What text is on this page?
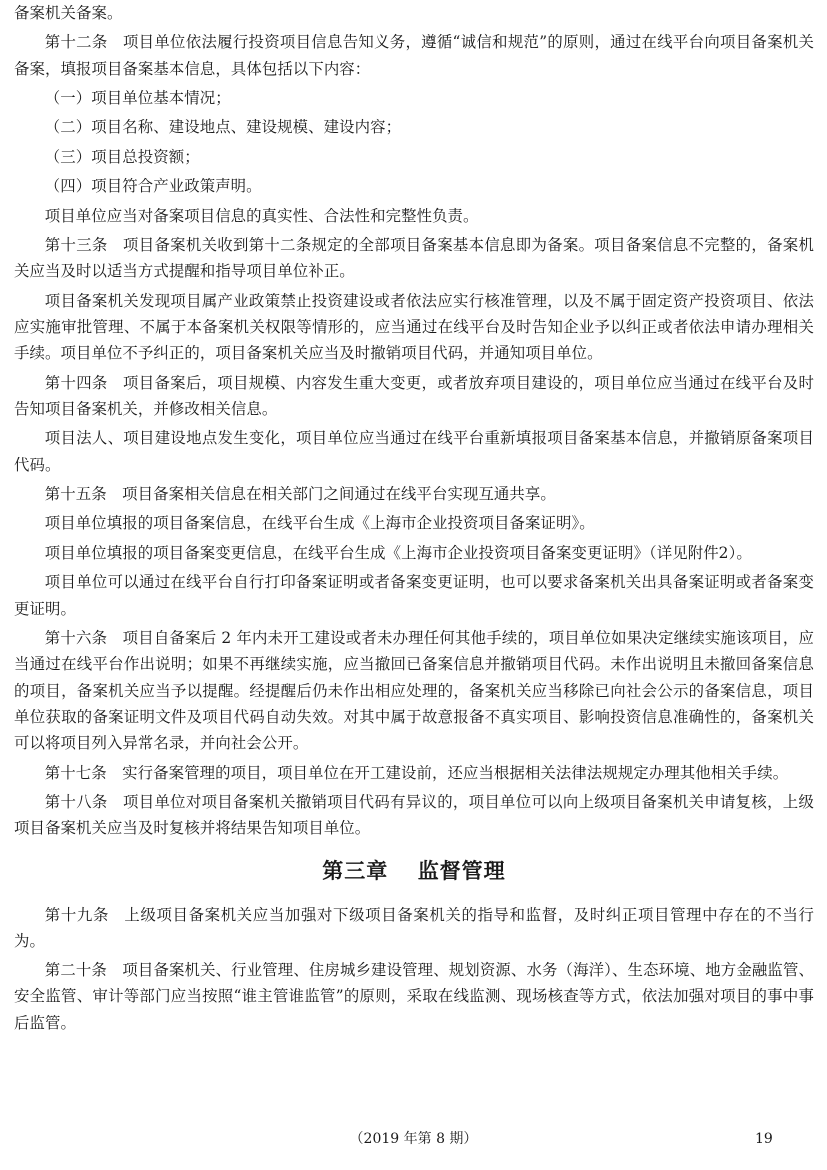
备案机关备案。

第十二条 项目单位依法履行投资项目信息告知义务，遵循“诚信和规范”的原则，通过在线平台向项目备案机关备案，填报项目备案基本信息，具体包括以下内容：

（一）项目单位基本情况；

（二）项目名称、建设地点、建设规模、建设内容；

（三）项目总投资额；

（四）项目符合产业政策声明。

项目单位应当对备案项目信息的真实性、合法性和完整性负责。

第十三条 项目备案机关收到第十二条规定的全部项目备案基本信息即为备案。项目备案信息不完整的，备案机关应当及时以适当方式提醒和指导项目单位补正。

项目备案机关发现项目属产业政策禁止投资建设或者依法应实行核准管理，以及不属于固定资产投资项目、依法应实施审批管理、不属于本备案机关权限等情形的，应当通过在线平台及时告知企业予以纠正或者依法申请办理相关手续。项目单位不予纠正的，项目备案机关应当及时撤销项目代码，并通知项目单位。

第十四条 项目备案后，项目规模、内容发生重大变更，或者放弃项目建设的，项目单位应当通过在线平台及时告知项目备案机关，并修改相关信息。

项目法人、项目建设地点发生变化，项目单位应当通过在线平台重新填报项目备案基本信息，并撤销原备案项目代码。

第十五条 项目备案相关信息在相关部门之间通过在线平台实现互通共享。

项目单位填报的项目备案信息，在线平台生成《上海市企业投资项目备案证明》。

项目单位填报的项目备案变更信息，在线平台生成《上海市企业投资项目备案变更证明》（详见附件2）。

项目单位可以通过在线平台自行打印备案证明或者备案变更证明，也可以要求备案机关出具备案证明或者备案变更证明。

第十六条 项目自备案后 2 年内未开工建设或者未办理任何其他手续的，项目单位如果决定继续实施该项目，应当通过在线平台作出说明；如果不再继续实施，应当撤回已备案信息并撤销项目代码。未作出说明且未撤回备案信息的项目，备案机关应当予以提醒。经提醒后仍未作出相应处理的，备案机关应当移除已向社会公示的备案信息，项目单位获取的备案证明文件及项目代码自动失效。对其中属于故意报备不真实项目、影响投资信息准确性的，备案机关可以将项目列入异常名录，并向社会公开。

第十七条 实行备案管理的项目，项目单位在开工建设前，还应当根据相关法律法规规定办理其他相关手续。

第十八条 项目单位对项目备案机关撤销项目代码有异议的，项目单位可以向上级项目备案机关申请复核，上级项目备案机关应当及时复核并将结果告知项目单位。

第三章 监督管理

第十九条 上级项目备案机关应当加强对下级项目备案机关的指导和监督，及时纠正项目管理中存在的不当行为。

第二十条 项目备案机关、行业管理、住房城乡建设管理、规划资源、水务（海洋）、生态环境、地方金融监管、安全监管、审计等部门应当按照“谁主管谁监管”的原则，采取在线监测、现场核查等方式，依法加强对项目的事中事后监管。

（2019 年第 8 期）	19
